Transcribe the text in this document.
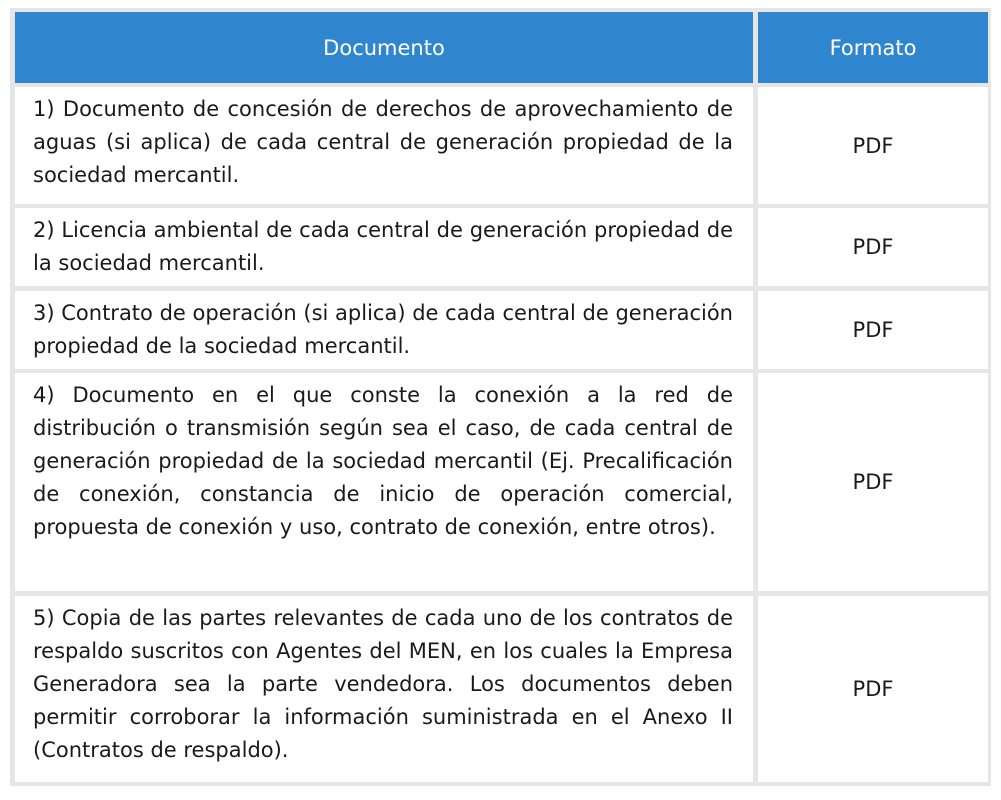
Documento	Formato
1) Documento de concesión de derechos de aprovechamiento de aguas (si aplica) de cada central de generación propiedad de la sociedad mercantil.
PDF
2) Licencia ambiental de cada central de generación propiedad de la sociedad mercantil.
PDF
3) Contrato de operación (si aplica) de cada central de generación propiedad de la sociedad mercantil.
PDF
4) Documento en el que conste la conexión a la red de distribución o transmisión según sea el caso, de cada central de generación propiedad de la sociedad mercantil (Ej. Precalificación de conexión, constancia de inicio de operación comercial, propuesta de conexión y uso, contrato de conexión, entre otros).
PDF
5) Copia de las partes relevantes de cada uno de los contratos de respaldo suscritos con Agentes del MEN, en los cuales la Empresa Generadora sea la parte vendedora. Los documentos deben permitir corroborar la información suministrada en el Anexo II (Contratos de respaldo).
PDF
